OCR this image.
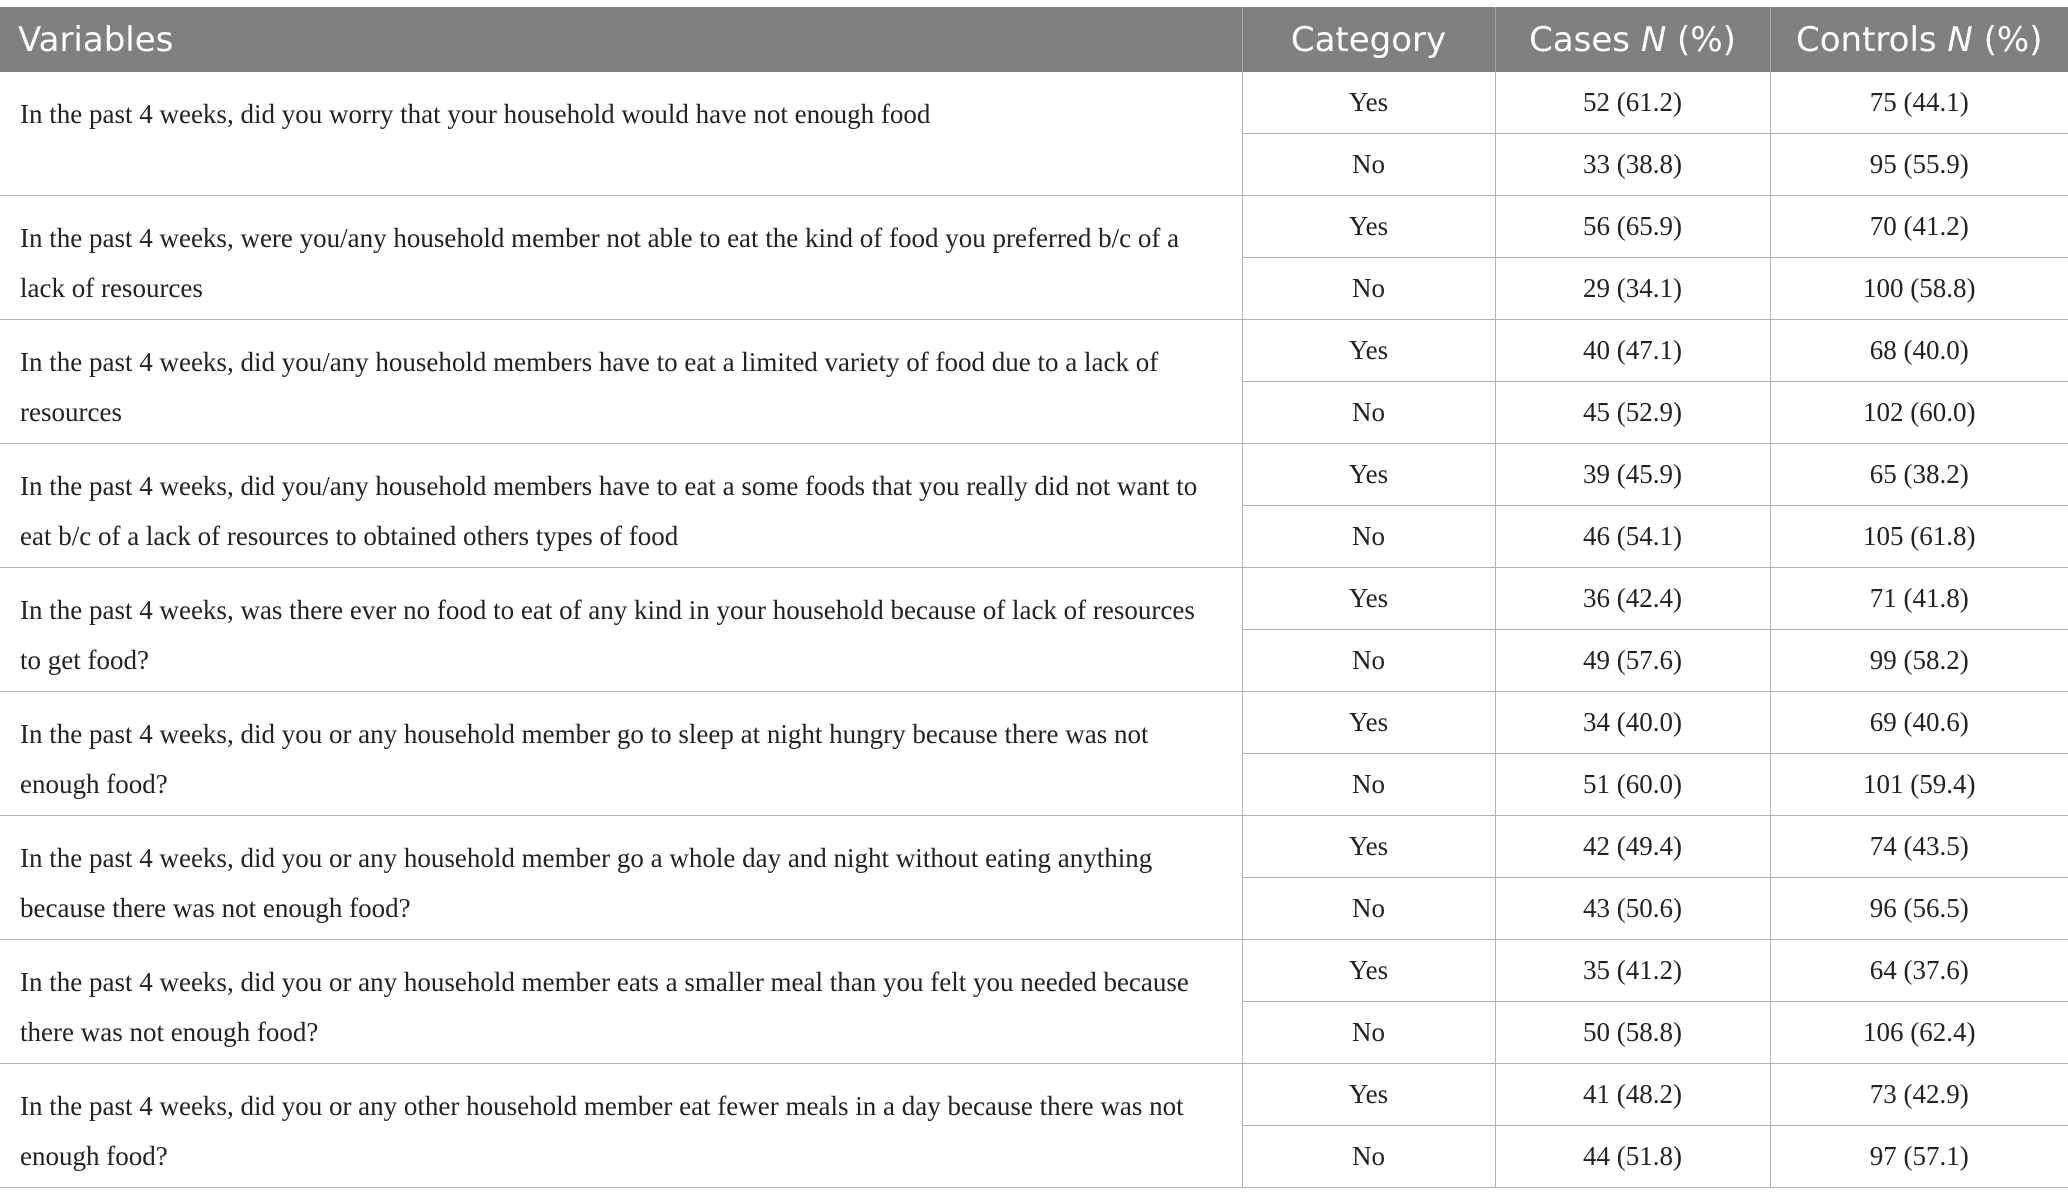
Variables	Category	Cases N (%)	Controls N (%)
In the past 4 weeks, did you worry that your household would have not enough food	Yes	52 (61.2)	75 (44.1)
	No	33 (38.8)	95 (55.9)
In the past 4 weeks, were you/any household member not able to eat the kind of food you preferred b/c of a lack of resources	Yes	56 (65.9)	70 (41.2)
	No	29 (34.1)	100 (58.8)
In the past 4 weeks, did you/any household members have to eat a limited variety of food due to a lack of resources	Yes	40 (47.1)	68 (40.0)
	No	45 (52.9)	102 (60.0)
In the past 4 weeks, did you/any household members have to eat a some foods that you really did not want to eat b/c of a lack of resources to obtained others types of food	Yes	39 (45.9)	65 (38.2)
	No	46 (54.1)	105 (61.8)
In the past 4 weeks, was there ever no food to eat of any kind in your household because of lack of resources to get food?	Yes	36 (42.4)	71 (41.8)
	No	49 (57.6)	99 (58.2)
In the past 4 weeks, did you or any household member go to sleep at night hungry because there was not enough food?	Yes	34 (40.0)	69 (40.6)
	No	51 (60.0)	101 (59.4)
In the past 4 weeks, did you or any household member go a whole day and night without eating anything because there was not enough food?	Yes	42 (49.4)	74 (43.5)
	No	43 (50.6)	96 (56.5)
In the past 4 weeks, did you or any household member eats a smaller meal than you felt you needed because there was not enough food?	Yes	35 (41.2)	64 (37.6)
	No	50 (58.8)	106 (62.4)
In the past 4 weeks, did you or any other household member eat fewer meals in a day because there was not enough food?	Yes	41 (48.2)	73 (42.9)
	No	44 (51.8)	97 (57.1)
